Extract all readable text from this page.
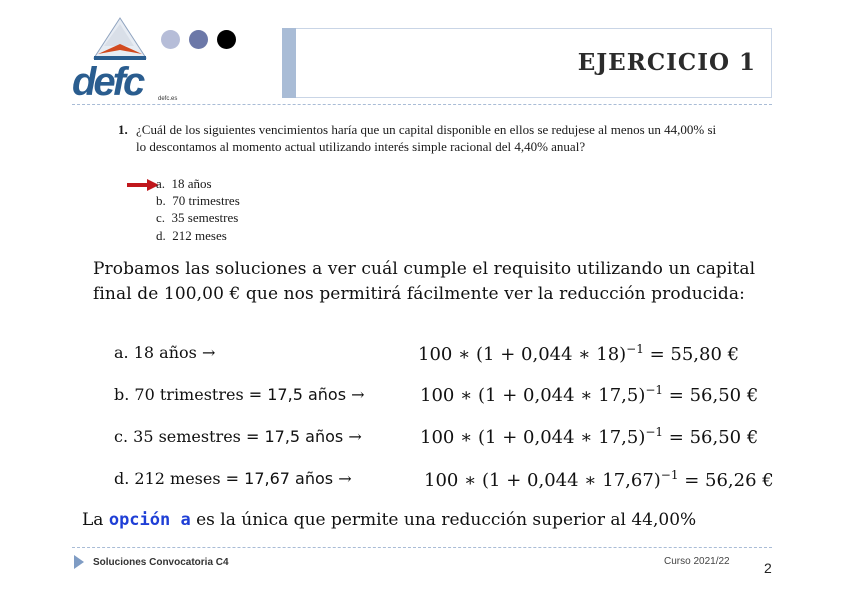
defc	defc.es
EJERCICIO 1
1. ¿Cuál de los siguientes vencimientos haría que un capital disponible en ellos se redujese al menos un 44,00% si lo descontamos al momento actual utilizando interés simple racional del 4,40% anual?
a. 18 años
b. 70 trimestres
c. 35 semestres
d. 212 meses
Probamos las soluciones a ver cuál cumple el requisito utilizando un capital final de 100,00 € que nos permitirá fácilmente ver la reducción producida:
a. 18 años →	100 ∗ (1 + 0,044 ∗ 18)$^{-1}$ = 55,80 €
b. 70 trimestres = 17,5 años →	100 ∗ (1 + 0,044 ∗ 17,5)$^{-1}$ = 56,50 €
c. 35 semestres = 17,5 años →	100 ∗ (1 + 0,044 ∗ 17,5)$^{-1}$ = 56,50 €
d. 212 meses = 17,67 años →	100 ∗ (1 + 0,044 ∗ 17,67)$^{-1}$ = 56,26 €
La opción a es la única que permite una reducción superior al 44,00%
Soluciones Convocatoria C4	Curso 2021/22 2
